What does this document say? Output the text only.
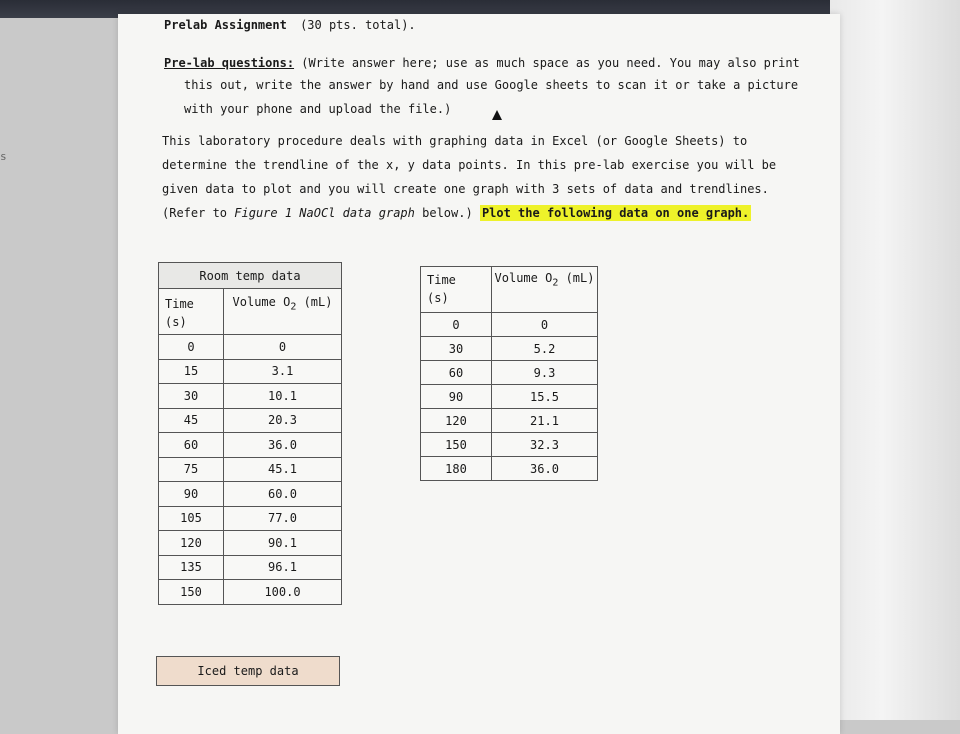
s
Prelab Assignment (30 pts. total).
Pre-lab questions: (Write answer here; use as much space as you need. You may also print
this out, write the answer by hand and use Google sheets to scan it or take a picture
with your phone and upload the file.)
This laboratory procedure deals with graphing data in Excel (or Google Sheets) to
determine the trendline of the x, y data points. In this pre-lab exercise you will be
given data to plot and you will create one graph with 3 sets of data and trendlines.
(Refer to Figure 1 NaOCl data graph below.) Plot the following data on one graph.
Room temp data	
Time
(s)	Volume $O_2$ (mL)
0	0
15	3.1
30	10.1
45	20.3
60	36.0
75	45.1
90	60.0
105	77.0
120	90.1
135	96.1
150	100.0
Time
(s)	Volume $O_2$ (mL)
0	0
30	5.2
60	9.3
90	15.5
120	21.1
150	32.3
180	36.0
Iced temp data
